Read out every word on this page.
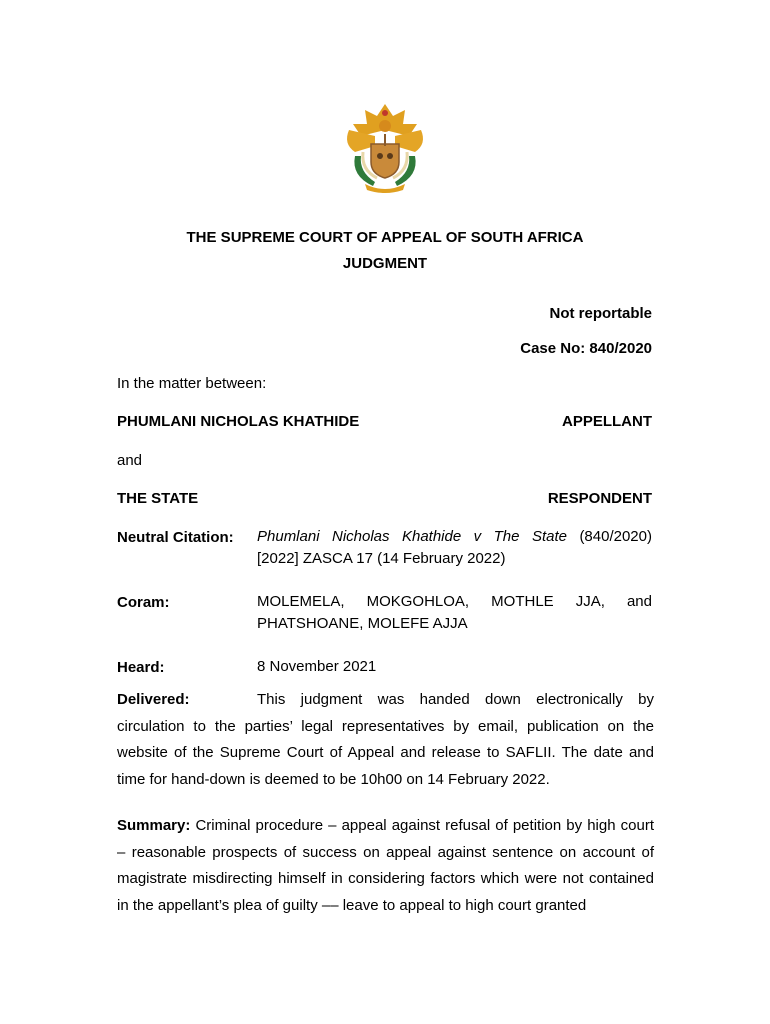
THE SUPREME COURT OF APPEAL OF SOUTH AFRICA
JUDGMENT
Not reportable
Case No: 840/2020
In the matter between:
PHUMLANI NICHOLAS KHATHIDE	APPELLANT
and
THE STATE	RESPONDENT
Neutral Citation: Phumlani Nicholas Khathide v The State (840/2020)
[2022] ZASCA 17 (14 February 2022)
Coram:	MOLEMELA, MOKGOHLOA, MOTHLE JJA, and
PHATSHOANE, MOLEFE AJJA
Heard:	8 November 2021
Delivered:	This judgment was handed down electronically by circulation to the parties’ legal representatives by email, publication on the website of the Supreme Court of Appeal and release to SAFLII. The date and time for hand-down is deemed to be 10h00 on 14 February 2022.
Summary: Criminal procedure – appeal against refusal of petition by high court – reasonable prospects of success on appeal against sentence on account of magistrate misdirecting himself in considering factors which were not contained in the appellant’s plea of guilty –– leave to appeal to high court granted
